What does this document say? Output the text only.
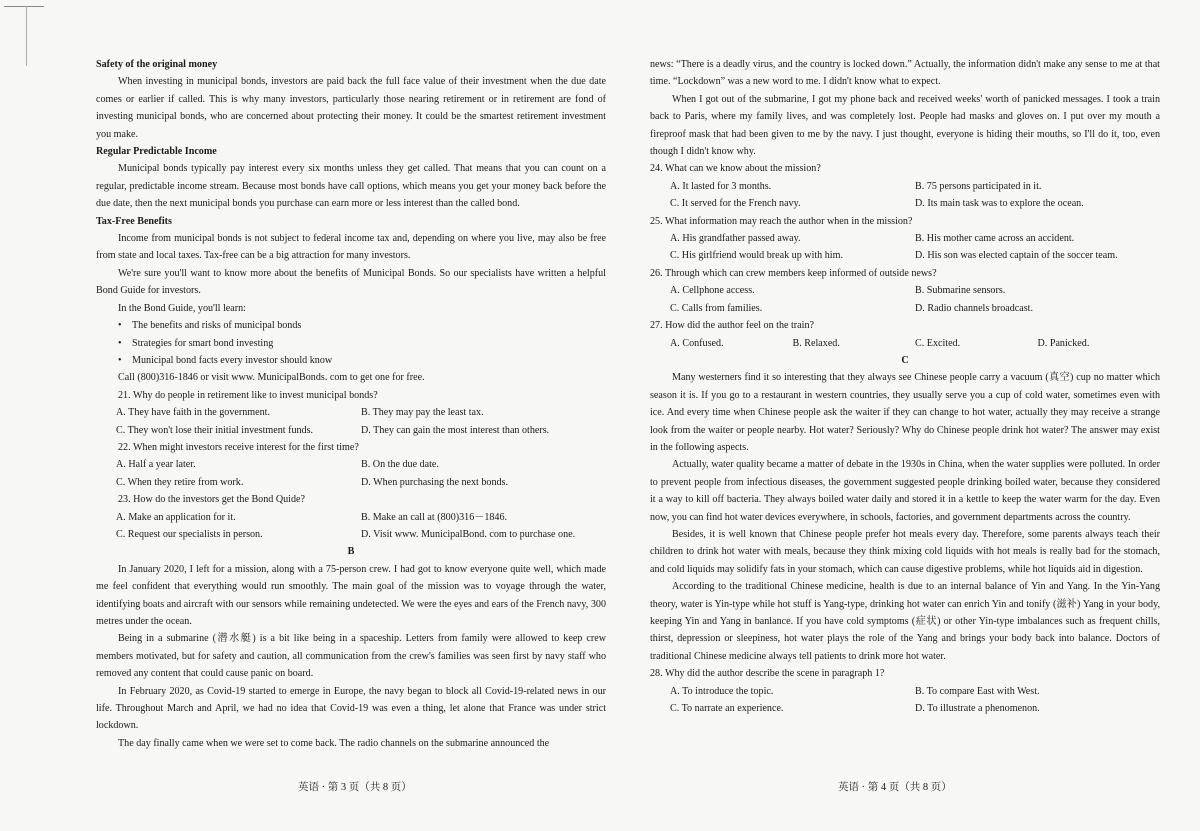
Safety of the original money

When investing in municipal bonds, investors are paid back the full face value of their investment when the due date comes or earlier if called. This is why many investors, particularly those nearing retirement or in retirement are fond of investing municipal bonds, who are concerned about protecting their money. It could be the smartest retirement investment you make.

Regular Predictable Income

Municipal bonds typically pay interest every six months unless they get called. That means that you can count on a regular, predictable income stream. Because most bonds have call options, which means you get your money back before the due date, then the next municipal bonds you purchase can earn more or less interest than the called bond.

Tax-Free Benefits

Income from municipal bonds is not subject to federal income tax and, depending on where you live, may also be free from state and local taxes. Tax-free can be a big attraction for many investors.

We're sure you'll want to know more about the benefits of Municipal Bonds. So our specialists have written a helpful Bond Guide for investors.

In the Bond Guide, you'll learn:

• The benefits and risks of municipal bonds

• Strategies for smart bond investing

• Municipal bond facts every investor should know

Call (800)316-1846 or visit www. MunicipalBonds. com to get one for free.

21. Why do people in retirement like to invest municipal bonds?

A. They have faith in the government.	B. They may pay the least tax.
C. They won't lose their initial investment funds.	D. They can gain the most interest than others.

22. When might investors receive interest for the first time?

A. Half a year later.	B. On the due date.
C. When they retire from work.	D. When purchasing the next bonds.

23. How do the investors get the Bond Quide?

A. Make an application for it.	B. Make an call at (800)316－1846.
C. Request our specialists in person.	D. Visit www. MunicipalBond. com to purchase one.

B

In January 2020, I left for a mission, along with a 75-person crew. I had got to know everyone quite well, which made me feel confident that everything would run smoothly. The main goal of the mission was to voyage through the water, identifying boats and aircraft with our sensors while remaining undetected. We were the eyes and ears of the French navy, 300 metres under the ocean.

Being in a submarine (潜水艇) is a bit like being in a spaceship. Letters from family were allowed to keep crew members motivated, but for safety and caution, all communication from the crew's families was seen first by navy staff who removed any content that could cause panic on board.

In February 2020, as Covid-19 started to emerge in Europe, the navy began to block all Covid-19-related news in our life. Throughout March and April, we had no idea that Covid-19 was even a thing, let alone that France was under strict lockdown.

The day finally came when we were set to come back. The radio channels on the submarine announced the

英语 · 第 3 页（共 8 页）

news: “There is a deadly virus, and the country is locked down.” Actually, the information didn't make any sense to me at that time. “Lockdown” was a new word to me. I didn't know what to expect.

When I got out of the submarine, I got my phone back and received weeks' worth of panicked messages. I took a train back to Paris, where my family lives, and was completely lost. People had masks and gloves on. I put over my mouth a fireproof mask that had been given to me by the navy. I just thought, everyone is hiding their mouths, so I'll do it, too, even though I didn't know why.

24. What can we know about the mission?

A. It lasted for 3 months.	B. 75 persons participated in it.
C. It served for the French navy.	D. Its main task was to explore the ocean.

25. What information may reach the author when in the mission?

A. His grandfather passed away.	B. His mother came across an accident.
C. His girlfriend would break up with him.	D. His son was elected captain of the soccer team.

26. Through which can crew members keep informed of outside news?

A. Cellphone access.	B. Submarine sensors.
C. Calls from families.	D. Radio channels broadcast.

27. How did the author feel on the train?

A. Confused.	B. Relaxed.	C. Excited.	D. Panicked.

C

Many westerners find it so interesting that they always see Chinese people carry a vacuum (真空) cup no matter which season it is. If you go to a restaurant in western countries, they usually serve you a cup of cold water, sometimes even with ice. And every time when Chinese people ask the waiter if they can change to hot water, actually they may receive a strange look from the waiter or people nearby. Hot water? Seriously? Why do Chinese people drink hot water? The answer may exist in the following aspects.

Actually, water quality became a matter of debate in the 1930s in China, when the water supplies were polluted. In order to prevent people from infectious diseases, the government suggested people drinking boiled water, because they considered it a way to kill off bacteria. They always boiled water daily and stored it in a kettle to keep the water warm for the day. Even now, you can find hot water devices everywhere, in schools, factories, and government departments across the country.

Besides, it is well known that Chinese people prefer hot meals every day. Therefore, some parents always teach their children to drink hot water with meals, because they think mixing cold liquids with hot meals is really bad for the stomach, and cold liquids may solidify fats in your stomach, which can cause digestive problems, while hot liquids aid in digestion.

According to the traditional Chinese medicine, health is due to an internal balance of Yin and Yang. In the Yin-Yang theory, water is Yin-type while hot stuff is Yang-type, drinking hot water can enrich Yin and tonify (滋补) Yang in your body, keeping Yin and Yang in banlance. If you have cold symptoms (症状) or other Yin-type imbalances such as frequent chills, thirst, depression or sleepiness, hot water plays the role of the Yang and brings your body back into balance. Doctors of traditional Chinese medicine always tell patients to drink more hot water.

28. Why did the author describe the scene in paragraph 1?

A. To introduce the topic.	B. To compare East with West.
C. To narrate an experience.	D. To illustrate a phenomenon.
英语 · 第 4 页（共 8 页）
